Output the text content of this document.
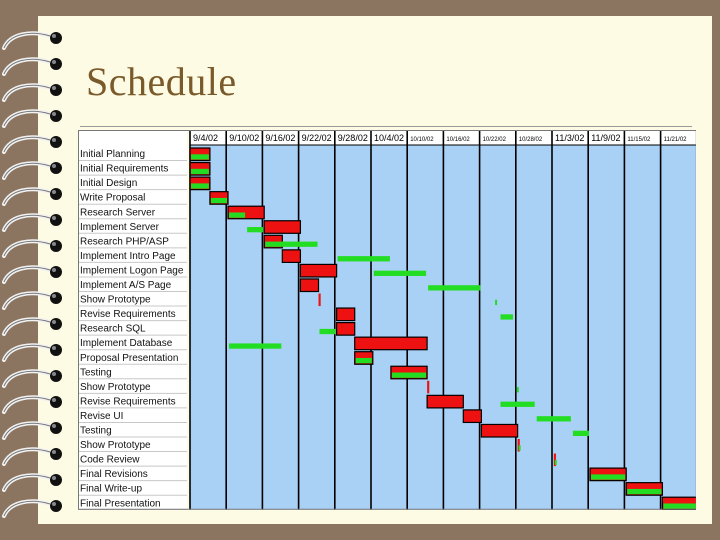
Schedule
9/4/02 9/10/02 9/16/02 9/22/02 9/28/02 10/4/02 10/10/02 10/16/02 10/22/02 10/28/02 11/3/02 11/9/02 11/15/02 11/21/02
Initial Planning
Initial Requirements
Initial Design
Write Proposal
Research Server
Implement Server
Research PHP/ASP
Implement Intro Page
Implement Logon Page
Implement A/S Page
Show Prototype
Revise Requirements
Research SQL
Implement Database
Proposal Presentation
Testing
Show Prototype
Revise Requirements
Revise UI
Testing
Show Prototype
Code Review
Final Revisions
Final Write-up
Final Presentation
